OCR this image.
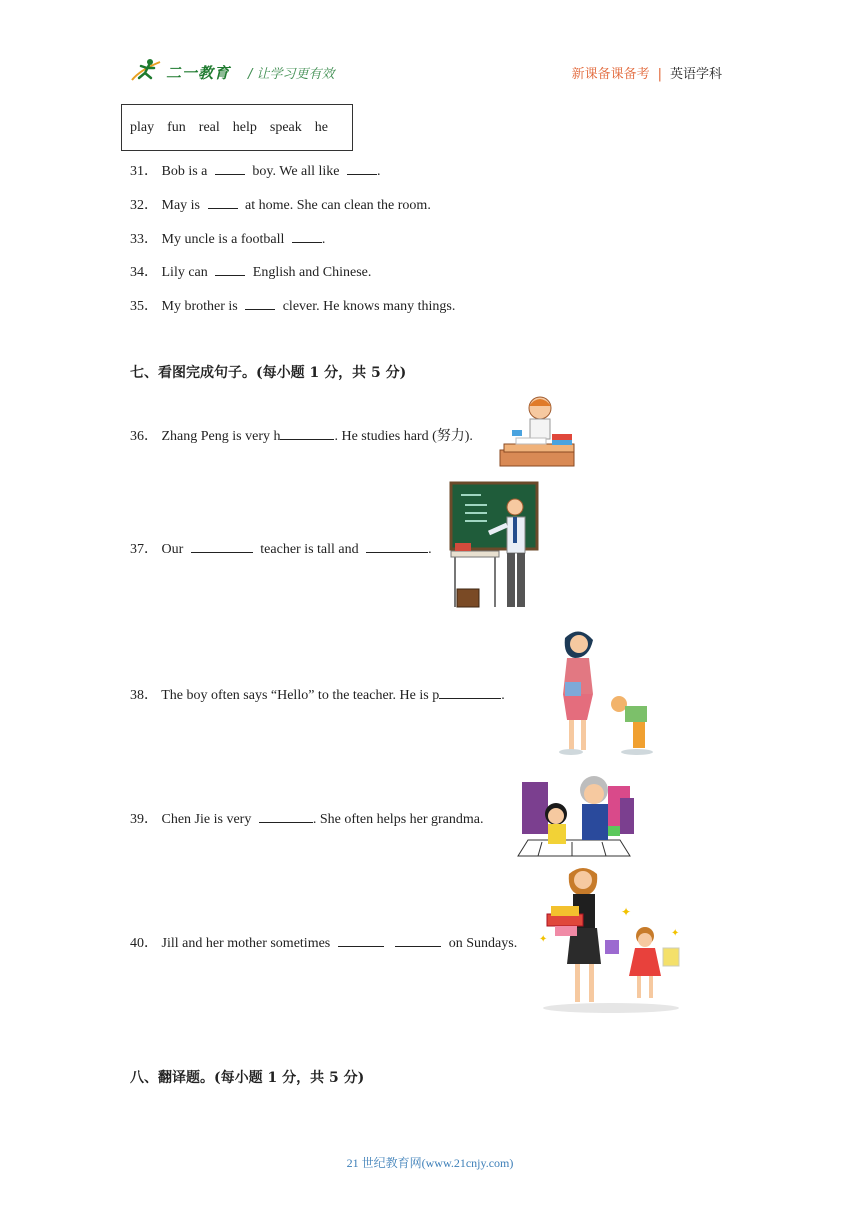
二一教育 / 让学习更有效	新课备课备考 | 英语学科
play fun real help speak he
31． Bob is a	boy. We all like	.
32． May is	at home. She can clean the room.
33． My uncle is a football	.
34． Lily can	English and Chinese.
35． My brother is	clever. He knows many things.
七、看图完成句子。(每小题 1 分，共 5 分)
36． Zhang Peng is very h	. He studies hard (努力).
37． Our	teacher is tall and	.
38． The boy often says “Hello” to the teacher. He is p	.
39． Chen Jie is very	. She often helps her grandma.
40． Jill and her mother sometimes	on Sundays.
✦
✦
✦
八、翻译题。(每小题 1 分，共 5 分)
21 世纪教育网(www.21cnjy.com)
